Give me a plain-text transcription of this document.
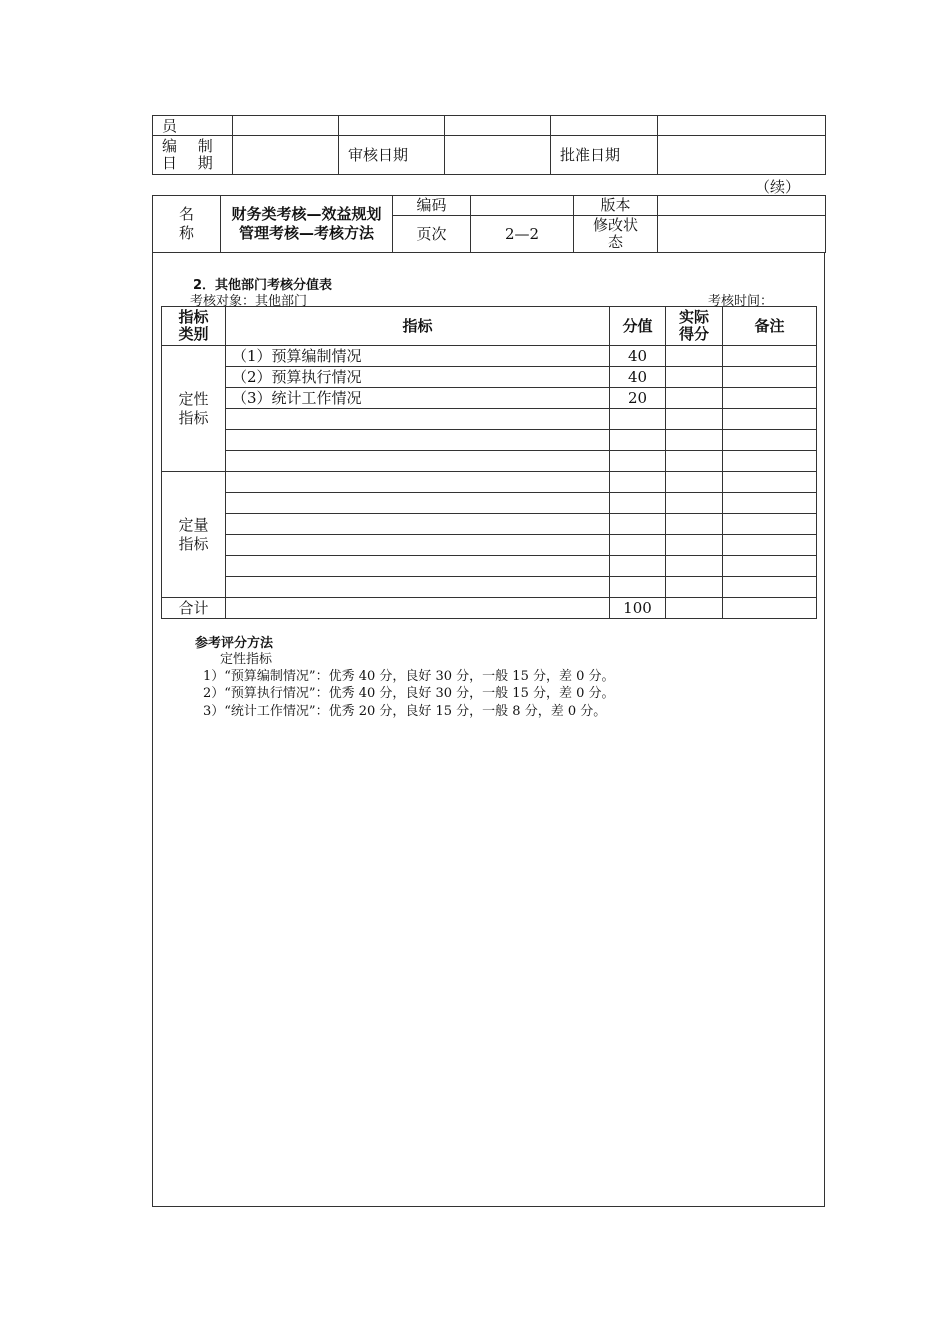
员					
编 制 日 期		审核日期		批准日期	
（续）
名称	财务类考核—效益规划管理考核—考核方法	编码		版本	
		页次	2—2	修改状态	
2．其他部门考核分值表
考核对象：其他部门	考核时间：
指标类别	指标	分值	实际得分	备注
定性指标	（1）预算编制情况	40		
	（2）预算执行情况	40		
	（3）统计工作情况	20		

定量指标				

合计		100		
参考评分方法
定性指标
1）“预算编制情况”：优秀 40 分，良好 30 分，一般 15 分，差 0 分。
2）“预算执行情况”：优秀 40 分，良好 30 分，一般 15 分，差 0 分。
3）“统计工作情况”：优秀 20 分，良好 15 分，一般 8 分，差 0 分。
